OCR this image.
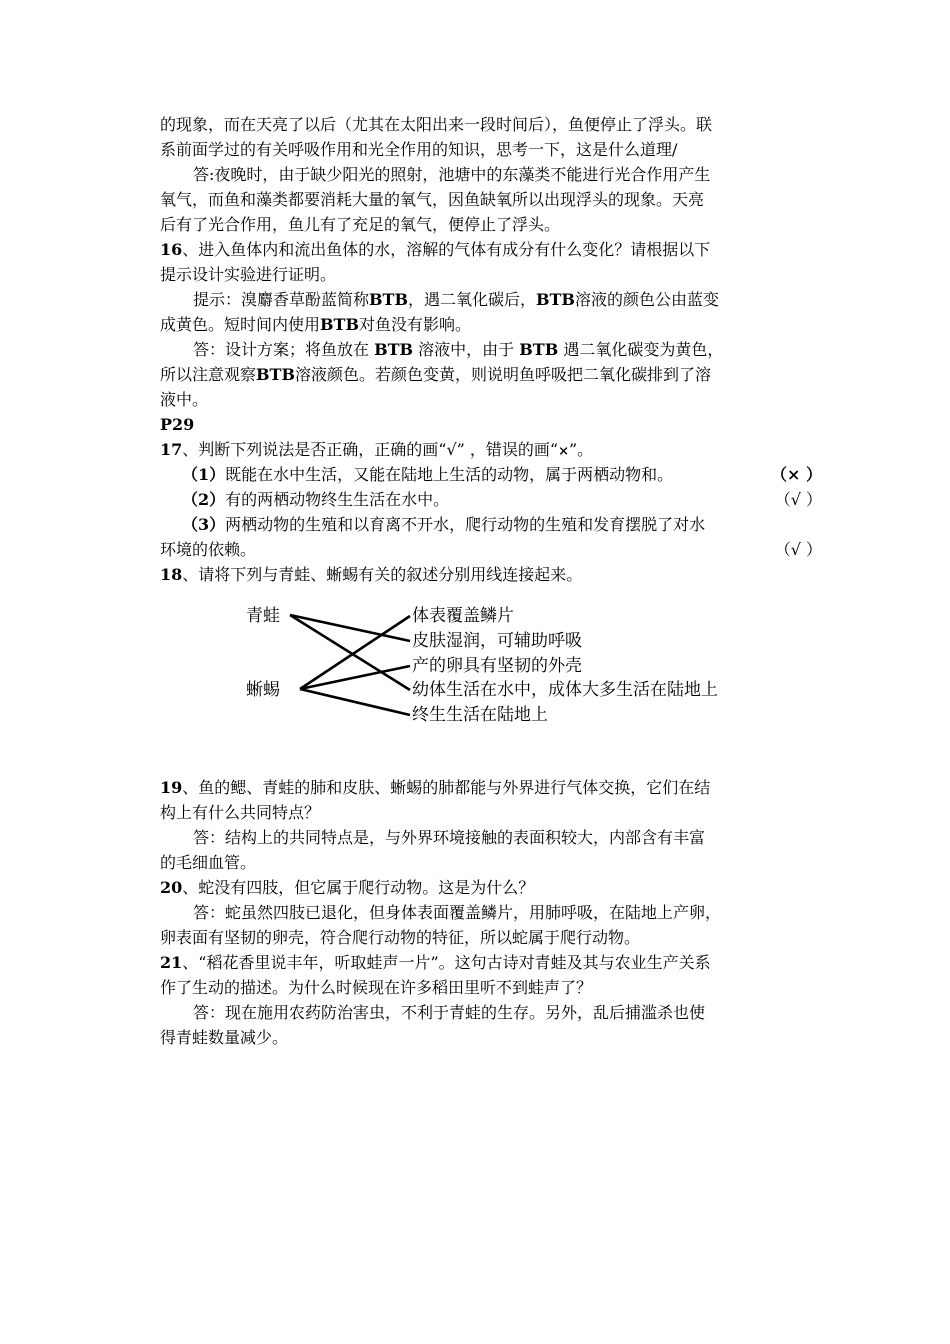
的现象，而在天亮了以后（尤其在太阳出来一段时间后），鱼便停止了浮头。联
系前面学过的有关呼吸作用和光全作用的知识，思考一下，这是什么道理/
答:夜晚时，由于缺少阳光的照射，池塘中的东藻类不能进行光合作用产生
氧气，而鱼和藻类都要消耗大量的氧气，因鱼缺氧所以出现浮头的现象。天亮
后有了光合作用，鱼儿有了充足的氧气，便停止了浮头。
16、进入鱼体内和流出鱼体的水，溶解的气体有成分有什么变化？请根据以下
提示设计实验进行证明。
提示：溴麝香草酚蓝简称BTB，遇二氧化碳后，BTB溶液的颜色公由蓝变
成黄色。短时间内使用BTB对鱼没有影响。
答：设计方案；将鱼放在 BTB 溶液中，由于 BTB 遇二氧化碳变为黄色，
所以注意观察BTB溶液颜色。若颜色变黄，则说明鱼呼吸把二氧化碳排到了溶
液中。
P29
17、判断下列说法是否正确，正确的画“√” ，错误的画“×”。
（1）既能在水中生活，又能在陆地上生活的动物，属于两栖动物和。	（× ）
（2）有的两栖动物终生生活在水中。	（√ ）
（3）两栖动物的生殖和以育离不开水，爬行动物的生殖和发育摆脱了对水
环境的依赖。	（√ ）
18、请将下列与青蛙、蜥蜴有关的叙述分别用线连接起来。
青蛙
蜥蜴
体表覆盖鳞片
皮肤湿润，可辅助呼吸
产的卵具有坚韧的外壳
幼体生活在水中，成体大多生活在陆地上
终生生活在陆地上
19、鱼的鳃、青蛙的肺和皮肤、蜥蜴的肺都能与外界进行气体交换，它们在结
构上有什么共同特点？
答：结构上的共同特点是，与外界环境接触的表面积较大，内部含有丰富
的毛细血管。
20、蛇没有四肢，但它属于爬行动物。这是为什么？
答：蛇虽然四肢已退化，但身体表面覆盖鳞片，用肺呼吸，在陆地上产卵，
卵表面有坚韧的卵壳，符合爬行动物的特征，所以蛇属于爬行动物。
21、“稻花香里说丰年，听取蛙声一片”。这句古诗对青蛙及其与农业生产关系
作了生动的描述。为什么时候现在许多稻田里听不到蛙声了？
答：现在施用农药防治害虫，不利于青蛙的生存。另外，乱后捕滥杀也使
得青蛙数量减少。
